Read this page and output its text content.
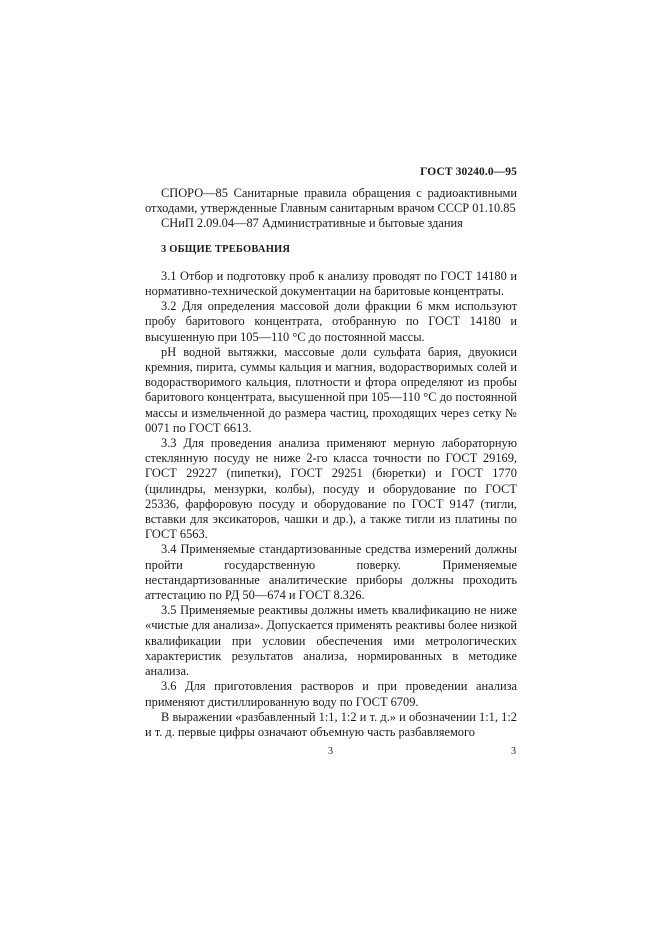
ГОСТ 30240.0—95

СПОРО—85 Санитарные правила обращения с радиоактивными отходами, утвержденные Главным санитарным врачом СССР 01.10.85

СНиП 2.09.04—87 Административные и бытовые здания

3 ОБЩИЕ ТРЕБОВАНИЯ

3.1 Отбор и подготовку проб к анализу проводят по ГОСТ 14180 и нормативно-технической документации на баритовые концентраты.

3.2 Для определения массовой доли фракции 6 мкм используют пробу баритового концентрата, отобранную по ГОСТ 14180 и высушенную при 105—110 °С до постоянной массы.

рН водной вытяжки, массовые доли сульфата бария, двуокиси кремния, пирита, суммы кальция и магния, водорастворимых солей и водорастворимого кальция, плотности и фтора определяют из пробы баритового концентрата, высушенной при 105—110 °С до постоянной массы и измельченной до размера частиц, проходящих через сетку № 0071 по ГОСТ 6613.

3.3 Для проведения анализа применяют мерную лабораторную стеклянную посуду не ниже 2-го класса точности по ГОСТ 29169, ГОСТ 29227 (пипетки), ГОСТ 29251 (бюретки) и ГОСТ 1770 (цилиндры, мензурки, колбы), посуду и оборудование по ГОСТ 25336, фарфоровую посуду и оборудование по ГОСТ 9147 (тигли, вставки для эксикаторов, чашки и др.), а также тигли из платины по ГОСТ 6563.

3.4 Применяемые стандартизованные средства измерений должны пройти государственную поверку. Применяемые нестандартизованные аналитические приборы должны проходить аттестацию по РД 50—674 и ГОСТ 8.326.

3.5 Применяемые реактивы должны иметь квалификацию не ниже «чистые для анализа». Допускается применять реактивы более низкой квалификации при условии обеспечения ими метрологических характеристик результатов анализа, нормированных в методике анализа.

3.6 Для приготовления растворов и при проведении анализа применяют дистиллированную воду по ГОСТ 6709.

В выражении «разбавленный 1:1, 1:2 и т. д.» и обозначении 1:1, 1:2 и т. д. первые цифры означают объемную часть разбавляемого

3	3
